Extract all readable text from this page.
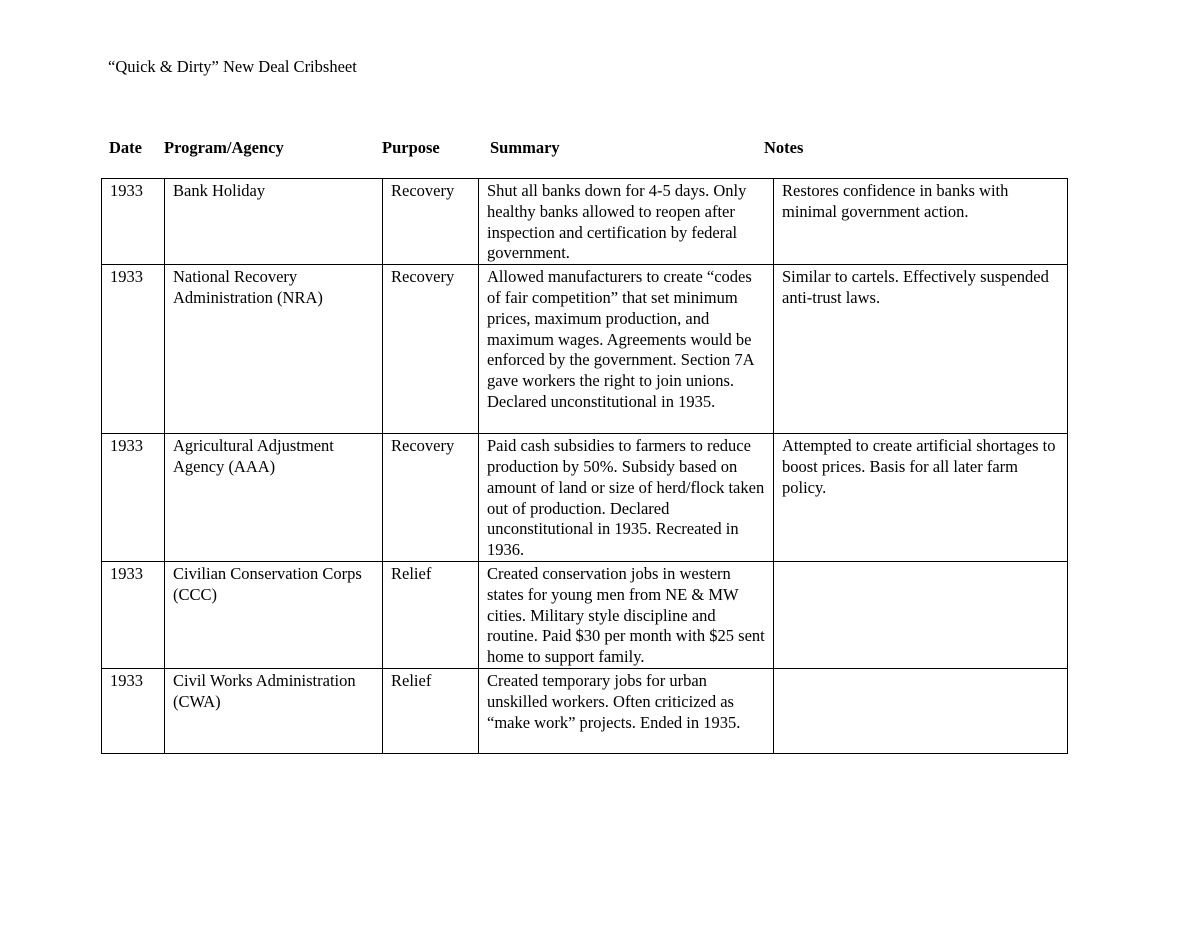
“Quick & Dirty” New Deal Cribsheet
Date Program/Agency	Purpose	Summary	Notes
1933	Bank Holiday	Recovery	Shut all banks down for 4-5 days. Only healthy banks allowed to reopen after inspection and certification by federal government.	Restores confidence in banks with minimal government action.
1933	National Recovery Administration (NRA)	Recovery	Allowed manufacturers to create “codes of fair competition” that set minimum prices, maximum production, and maximum wages. Agreements would be enforced by the government. Section 7A gave workers the right to join unions. Declared unconstitutional in 1935.	Similar to cartels. Effectively suspended anti-trust laws.
1933	Agricultural Adjustment Agency (AAA)	Recovery	Paid cash subsidies to farmers to reduce production by 50%. Subsidy based on amount of land or size of herd/flock taken out of production. Declared unconstitutional in 1935. Recreated in 1936.	Attempted to create artificial shortages to boost prices. Basis for all later farm policy.
1933	Civilian Conservation Corps (CCC)	Relief	Created conservation jobs in western states for young men from NE & MW cities. Military style discipline and routine. Paid $30 per month with $25 sent home to support family.	
1933	Civil Works Administration (CWA)	Relief	Created temporary jobs for urban unskilled workers. Often criticized as “make work” projects. Ended in 1935.	
